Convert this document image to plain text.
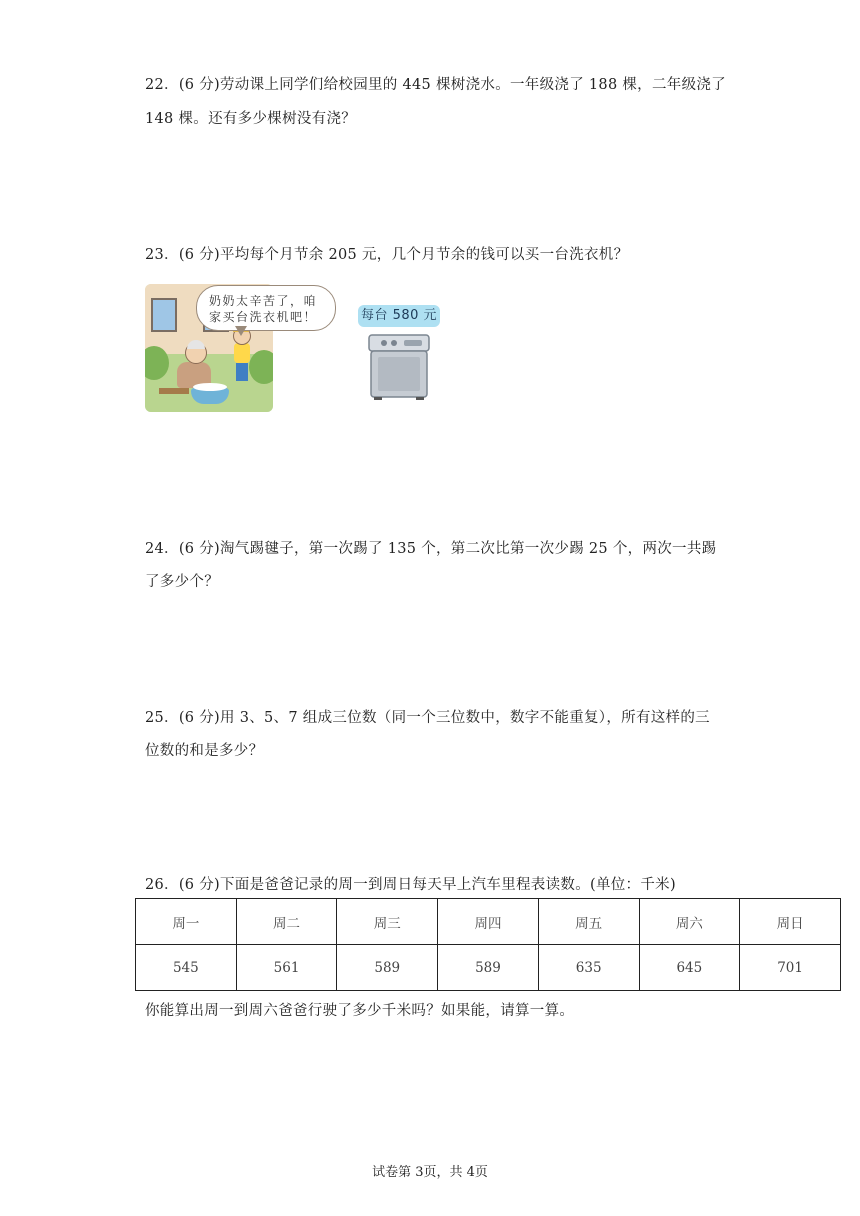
22．(6 分)劳动课上同学们给校园里的 445 棵树浇水。一年级浇了 188 棵，二年级浇了
148 棵。还有多少棵树没有浇？
23．(6 分)平均每个月节余 205 元，几个月节余的钱可以买一台洗衣机？
奶奶太辛苦了，咱
家买台洗衣机吧！	每台 580 元
24．(6 分)淘气踢毽子，第一次踢了 135 个，第二次比第一次少踢 25 个，两次一共踢
了多少个？
25．(6 分)用 3、5、7 组成三位数（同一个三位数中，数字不能重复），所有这样的三
位数的和是多少？
26．(6 分)下面是爸爸记录的周一到周日每天早上汽车里程表读数。(单位：千米)
周一	周二	周三	周四	周五	周六	周日
545	561	589	589	635	645	701
你能算出周一到周六爸爸行驶了多少千米吗？如果能，请算一算。
试卷第 3页，共 4页
